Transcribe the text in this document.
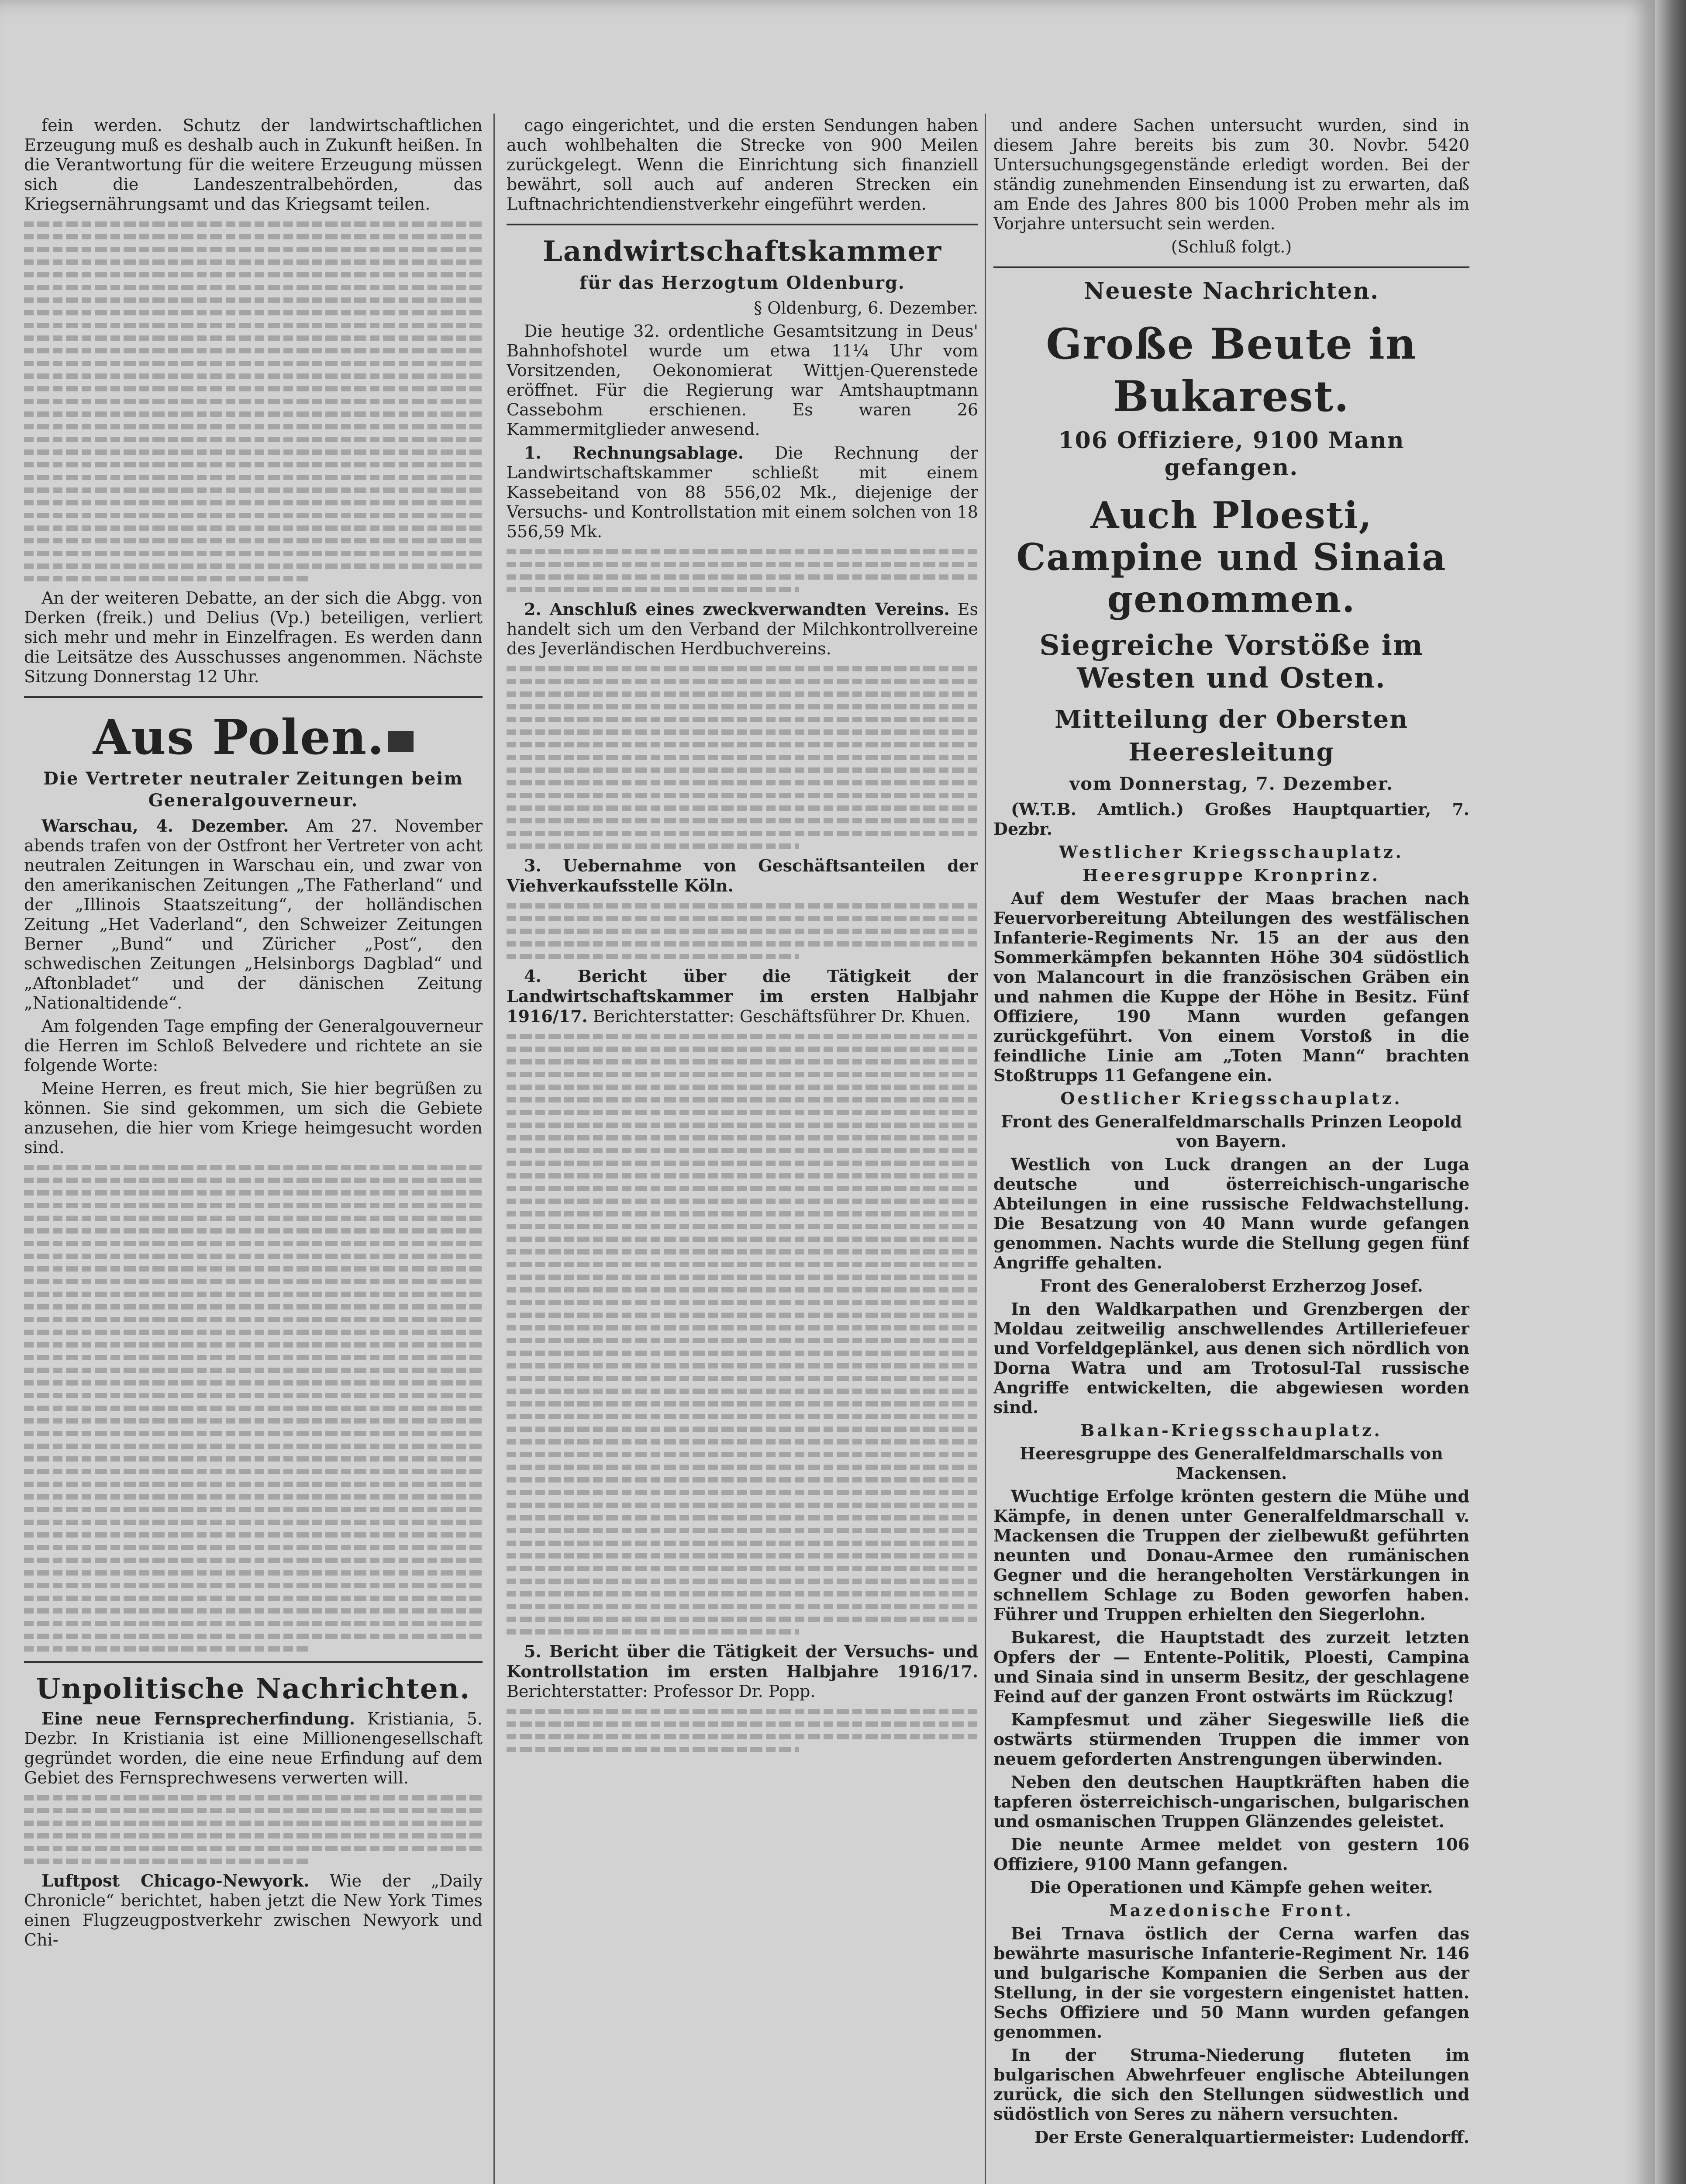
fein werden. Schutz der landwirtschaftlichen Erzeugung muß es deshalb auch in Zukunft heißen. In die Verantwortung für die weitere Erzeugung müssen sich die Landeszentralbehörden, das Kriegsernährungsamt und das Kriegsamt teilen.

An der weiteren Debatte, an der sich die Abgg. von Derken (freik.) und Delius (Vp.) beteiligen, verliert sich mehr und mehr in Einzelfragen. Es werden dann die Leitsätze des Ausschusses angenommen. Nächste Sitzung Donnerstag 12 Uhr.

Aus Polen.
Die Vertreter neutraler Zeitungen beim Generalgouverneur.

Warschau, 4. Dezember. Am 27. November abends trafen von der Ostfront her Vertreter von acht neutralen Zeitungen in Warschau ein, und zwar von den amerikanischen Zeitungen „The Fatherland“ und der „Illinois Staatszeitung“, der holländischen Zeitung „Het Vaderland“, den Schweizer Zeitungen Berner „Bund“ und Züricher „Post“, den schwedischen Zeitungen „Helsinborgs Dagblad“ und „Aftonbladet“ und der dänischen Zeitung „Nationaltidende“.

Am folgenden Tage empfing der Generalgouverneur die Herren im Schloß Belvedere und richtete an sie folgende Worte:

Meine Herren, es freut mich, Sie hier begrüßen zu können. Sie sind gekommen, um sich die Gebiete anzusehen, die hier vom Kriege heimgesucht worden sind.

Unpolitische Nachrichten.

Eine neue Fernsprecherfindung. Kristiania, 5. Dezbr. In Kristiania ist eine Millionengesellschaft gegründet worden, die eine neue Erfindung auf dem Gebiet des Fernsprechwesens verwerten will.

Luftpost Chicago-Newyork. Wie der „Daily Chronicle“ berichtet, haben jetzt die New York Times einen Flugzeugpostverkehr zwischen Newyork und Chi-

cago eingerichtet, und die ersten Sendungen haben auch wohlbehalten die Strecke von 900 Meilen zurückgelegt. Wenn die Einrichtung sich finanziell bewährt, soll auch auf anderen Strecken ein Luftnachrichtendienstverkehr eingeführt werden.

Landwirtschaftskammer
für das Herzogtum Oldenburg.

§ Oldenburg, 6. Dezember.

Die heutige 32. ordentliche Gesamtsitzung in Deus' Bahnhofshotel wurde um etwa 11¼ Uhr vom Vorsitzenden, Oekonomierat Wittjen-Querenstede eröffnet. Für die Regierung war Amtshauptmann Cassebohm erschienen. Es waren 26 Kammermitglieder anwesend.

1. Rechnungsablage. Die Rechnung der Landwirtschaftskammer schließt mit einem Kassebeitand von 88 556,02 Mk., diejenige der Versuchs- und Kontrollstation mit einem solchen von 18 556,59 Mk.

2. Anschluß eines zweckverwandten Vereins. Es handelt sich um den Verband der Milchkontrollvereine des Jeverländischen Herdbuchvereins.

3. Uebernahme von Geschäftsanteilen der Viehverkaufsstelle Köln.

4. Bericht über die Tätigkeit der Landwirtschaftskammer im ersten Halbjahr 1916/17. Berichterstatter: Geschäftsführer Dr. Khuen.

5. Bericht über die Tätigkeit der Versuchs- und Kontrollstation im ersten Halbjahre 1916/17. Berichterstatter: Professor Dr. Popp.

und andere Sachen untersucht wurden, sind in diesem Jahre bereits bis zum 30. Novbr. 5420 Untersuchungsgegenstände erledigt worden. Bei der ständig zunehmenden Einsendung ist zu erwarten, daß am Ende des Jahres 800 bis 1000 Proben mehr als im Vorjahre untersucht sein werden.

(Schluß folgt.)

Neueste Nachrichten.
Große Beute in Bukarest.
106 Offiziere, 9100 Mann gefangen.
Auch Ploesti, Campine und Sinaia genommen.
Siegreiche Vorstöße im Westen und Osten.
Mitteilung der Obersten Heeresleitung
vom Donnerstag, 7. Dezember.

(W.T.B. Amtlich.) Großes Hauptquartier, 7. Dezbr.

Westlicher Kriegsschauplatz.

Heeresgruppe Kronprinz.

Auf dem Westufer der Maas brachen nach Feuervorbereitung Abteilungen des westfälischen Infanterie-Regiments Nr. 15 an der aus den Sommerkämpfen bekannten Höhe 304 südöstlich von Malancourt in die französischen Gräben ein und nahmen die Kuppe der Höhe in Besitz. Fünf Offiziere, 190 Mann wurden gefangen zurückgeführt. Von einem Vorstoß in die feindliche Linie am „Toten Mann“ brachten Stoßtrupps 11 Gefangene ein.

Oestlicher Kriegsschauplatz.

Front des Generalfeldmarschalls Prinzen Leopold von Bayern.

Westlich von Luck drangen an der Luga deutsche und österreichisch-ungarische Abteilungen in eine russische Feldwachstellung. Die Besatzung von 40 Mann wurde gefangen genommen. Nachts wurde die Stellung gegen fünf Angriffe gehalten.

Front des Generaloberst Erzherzog Josef.

In den Waldkarpathen und Grenzbergen der Moldau zeitweilig anschwellendes Artilleriefeuer und Vorfeldgeplänkel, aus denen sich nördlich von Dorna Watra und am Trotosul-Tal russische Angriffe entwickelten, die abgewiesen worden sind.

Balkan-Kriegsschauplatz.

Heeresgruppe des Generalfeldmarschalls von Mackensen.

Wuchtige Erfolge krönten gestern die Mühe und Kämpfe, in denen unter Generalfeldmarschall v. Mackensen die Truppen der zielbewußt geführten neunten und Donau-Armee den rumänischen Gegner und die herangeholten Verstärkungen in schnellem Schlage zu Boden geworfen haben. Führer und Truppen erhielten den Siegerlohn.

Bukarest, die Hauptstadt des zurzeit letzten Opfers der — Entente-Politik, Ploesti, Campina und Sinaia sind in unserm Besitz, der geschlagene Feind auf der ganzen Front ostwärts im Rückzug!

Kampfesmut und zäher Siegeswille ließ die ostwärts stürmenden Truppen die immer von neuem geforderten Anstrengungen überwinden.

Neben den deutschen Hauptkräften haben die tapferen österreichisch-ungarischen, bulgarischen und osmanischen Truppen Glänzendes geleistet.

Die neunte Armee meldet von gestern 106 Offiziere, 9100 Mann gefangen.

Die Operationen und Kämpfe gehen weiter.

Mazedonische Front.

Bei Trnava östlich der Cerna warfen das bewährte masurische Infanterie-Regiment Nr. 146 und bulgarische Kompanien die Serben aus der Stellung, in der sie vorgestern eingenistet hatten. Sechs Offiziere und 50 Mann wurden gefangen genommen.

In der Struma-Niederung fluteten im bulgarischen Abwehrfeuer englische Abteilungen zurück, die sich den Stellungen südwestlich und südöstlich von Seres zu nähern versuchten.

Der Erste Generalquartiermeister: Ludendorff.
